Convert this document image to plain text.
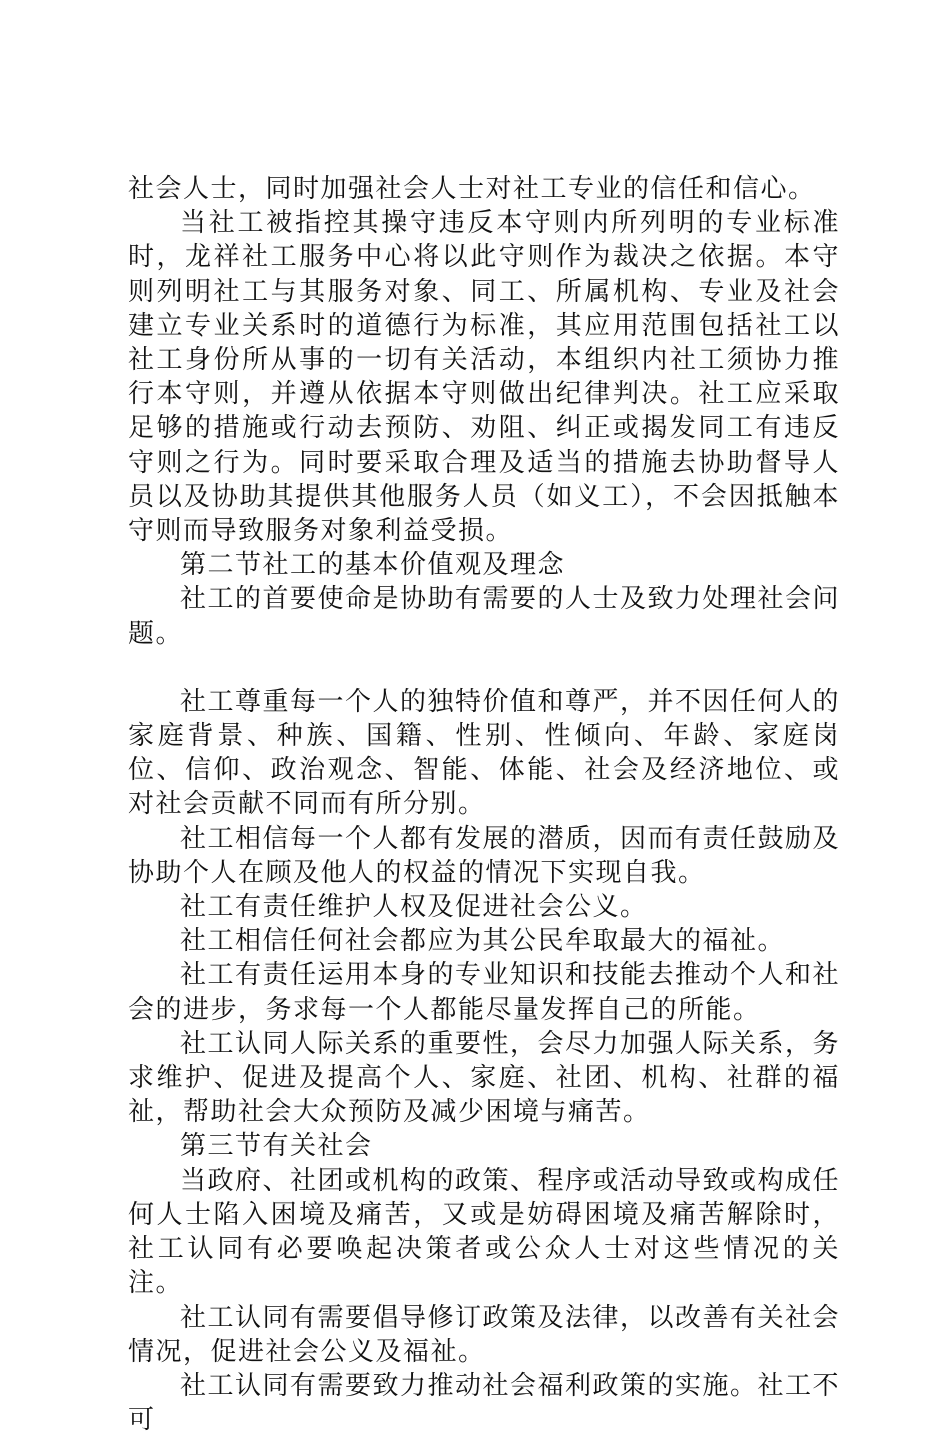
社会人士，同时加强社会人士对社工专业的信任和信心。

当社工被指控其操守违反本守则内所列明的专业标准时，龙祥社工服务中心将以此守则作为裁决之依据。本守则列明社工与其服务对象、同工、所属机构、专业及社会建立专业关系时的道德行为标准，其应用范围包括社工以社工身份所从事的一切有关活动，本组织内社工须协力推行本守则，并遵从依据本守则做出纪律判决。社工应采取足够的措施或行动去预防、劝阻、纠正或揭发同工有违反守则之行为。同时要采取合理及适当的措施去协助督导人员以及协助其提供其他服务人员（如义工），不会因抵触本守则而导致服务对象利益受损。

第二节社工的基本价值观及理念

社工的首要使命是协助有需要的人士及致力处理社会问题。

社工尊重每一个人的独特价值和尊严，并不因任何人的家庭背景、种族、国籍、性别、性倾向、年龄、家庭岗位、信仰、政治观念、智能、体能、社会及经济地位、或对社会贡献不同而有所分别。

社工相信每一个人都有发展的潜质，因而有责任鼓励及协助个人在顾及他人的权益的情况下实现自我。

社工有责任维护人权及促进社会公义。

社工相信任何社会都应为其公民牟取最大的福祉。

社工有责任运用本身的专业知识和技能去推动个人和社会的进步，务求每一个人都能尽量发挥自己的所能。

社工认同人际关系的重要性，会尽力加强人际关系，务求维护、促进及提高个人、家庭、社团、机构、社群的福祉，帮助社会大众预防及减少困境与痛苦。

第三节有关社会

当政府、社团或机构的政策、程序或活动导致或构成任何人士陷入困境及痛苦，又或是妨碍困境及痛苦解除时，社工认同有必要唤起决策者或公众人士对这些情况的关注。

社工认同有需要倡导修订政策及法律，以改善有关社会情况，促进社会公义及福祉。

社工认同有需要致力推动社会福利政策的实施。社工不可
